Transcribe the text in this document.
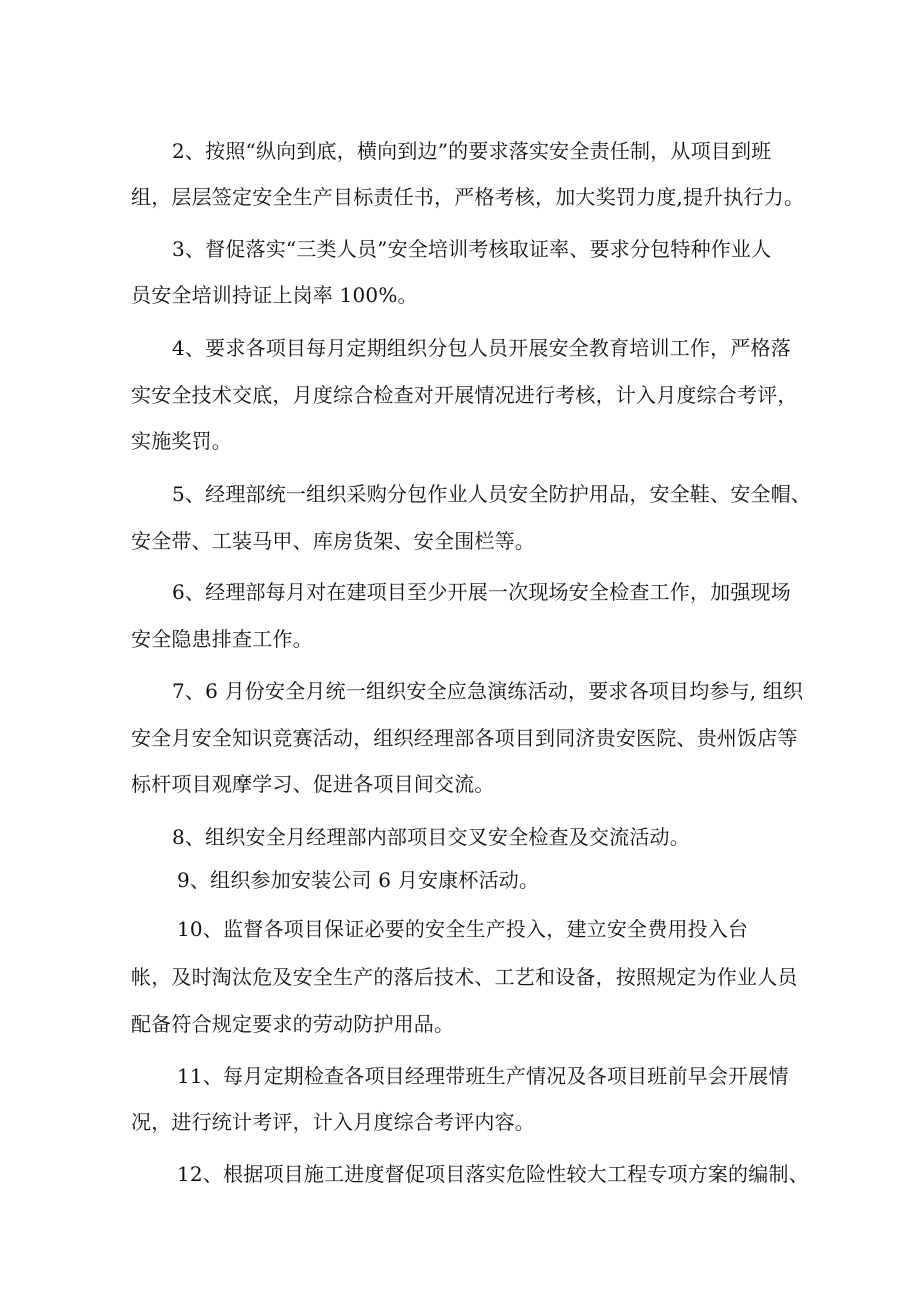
2、按照“纵向到底，横向到边”的要求落实安全责任制，从项目到班
组，层层签定安全生产目标责任书，严格考核，加大奖罚力度,提升执行力。
3、督促落实“三类人员”安全培训考核取证率、要求分包特种作业人
员安全培训持证上岗率 100%。
4、要求各项目每月定期组织分包人员开展安全教育培训工作，严格落
实安全技术交底，月度综合检查对开展情况进行考核，计入月度综合考评，
实施奖罚。
5、经理部统一组织采购分包作业人员安全防护用品，安全鞋、安全帽、
安全带、工装马甲、库房货架、安全围栏等。
6、经理部每月对在建项目至少开展一次现场安全检查工作，加强现场
安全隐患排查工作。
7、6 月份安全月统一组织安全应急演练活动，要求各项目均参与, 组织
安全月安全知识竞赛活动，组织经理部各项目到同济贵安医院、贵州饭店等
标杆项目观摩学习、促进各项目间交流。
8、组织安全月经理部内部项目交叉安全检查及交流活动。
9、组织参加安装公司 6 月安康杯活动。
10、监督各项目保证必要的安全生产投入，建立安全费用投入台
帐，及时淘汰危及安全生产的落后技术、工艺和设备，按照规定为作业人员
配备符合规定要求的劳动防护用品。
11、每月定期检查各项目经理带班生产情况及各项目班前早会开展情
况，进行统计考评，计入月度综合考评内容。
12、根据项目施工进度督促项目落实危险性较大工程专项方案的编制、
